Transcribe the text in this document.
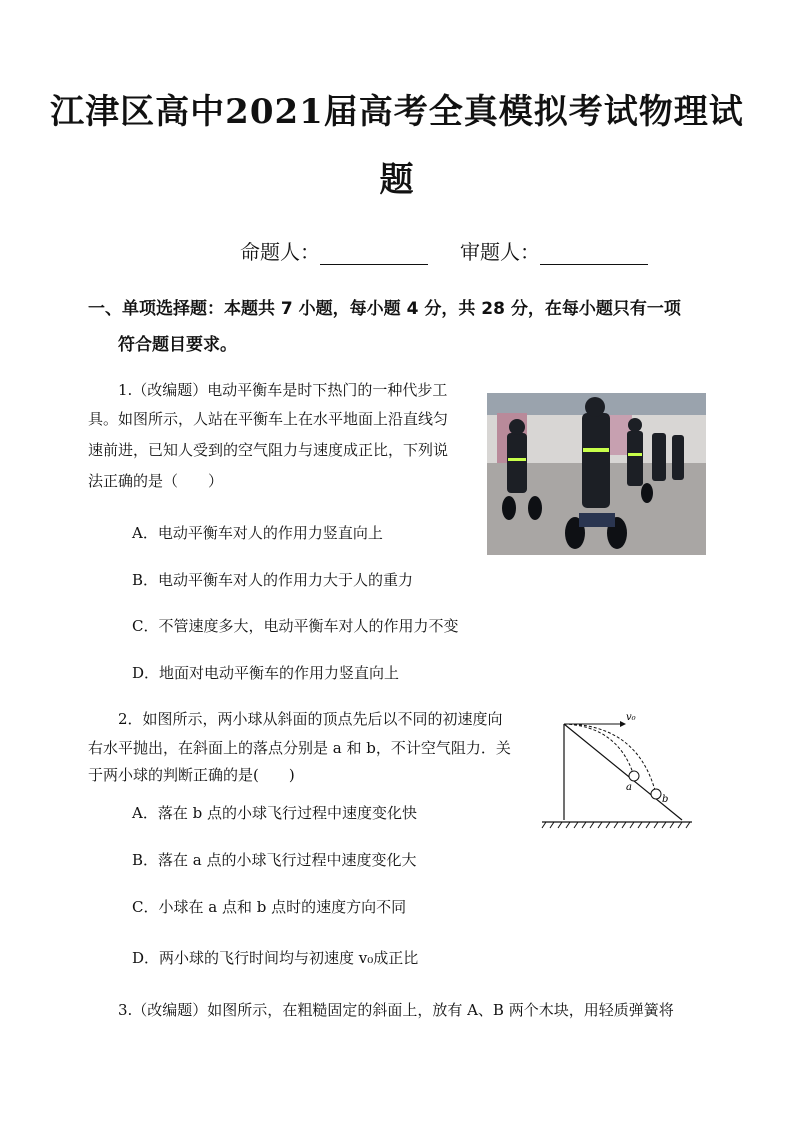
江津区高中2021届高考全真模拟考试物理试
题
命题人：	审题人：
一、单项选择题：本题共 7 小题，每小题 4 分，共 28 分，在每小题只有一项
符合题目要求。
1.（改编题）电动平衡车是时下热门的一种代步工
具。如图所示，人站在平衡车上在水平地面上沿直线匀
速前进，已知人受到的空气阻力与速度成正比，下列说
法正确的是（　　）
A．电动平衡车对人的作用力竖直向上
B．电动平衡车对人的作用力大于人的重力
C．不管速度多大，电动平衡车对人的作用力不变
D．地面对电动平衡车的作用力竖直向上
2．如图所示，两小球从斜面的顶点先后以不同的初速度向
右水平抛出，在斜面上的落点分别是 a 和 b，不计空气阻力．关
于两小球的判断正确的是(　　)
v₀
a
b
A．落在 b 点的小球飞行过程中速度变化快
B．落在 a 点的小球飞行过程中速度变化大
C．小球在 a 点和 b 点时的速度方向不同
D．两小球的飞行时间均与初速度 v₀成正比
3.（改编题）如图所示，在粗糙固定的斜面上，放有 A、B 两个木块，用轻质弹簧将
